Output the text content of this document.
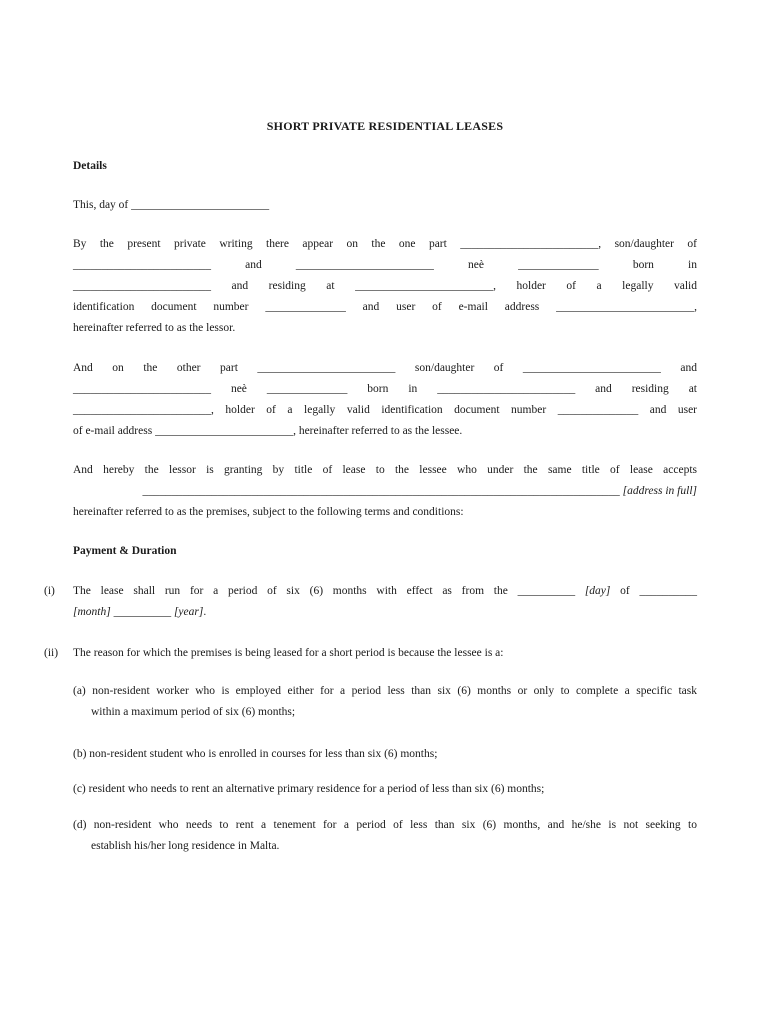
SHORT PRIVATE RESIDENTIAL LEASES
Details
This, day of ________________________
By the present private writing there appear on the one part ________________________, son/daughter of
________________________ and ________________________ neè ______________ born in
________________________ and residing at ________________________, holder of a legally valid
identification document number ______________ and user of e-mail address ________________________,
hereinafter referred to as the lessor.
And on the other part ________________________ son/daughter of ________________________ and
________________________ neè ______________ born in ________________________ and residing at
________________________, holder of a legally valid identification document number ______________ and user
of e-mail address ________________________, hereinafter referred to as the lessee.
And hereby the lessor is granting by title of lease to the lessee who under the same title of lease accepts
___________________________________________________________________________________ [address in full]
hereinafter referred to as the premises, subject to the following terms and conditions:
Payment & Duration
(i) The lease shall run for a period of six (6) months with effect as from the __________ [day] of __________
[month] __________ [year].
(ii) The reason for which the premises is being leased for a short period is because the lessee is a:
(a) non-resident worker who is employed either for a period less than six (6) months or only to complete a specific task
within a maximum period of six (6) months;
(b) non-resident student who is enrolled in courses for less than six (6) months;
(c) resident who needs to rent an alternative primary residence for a period of less than six (6) months;
(d) non-resident who needs to rent a tenement for a period of less than six (6) months, and he/she is not seeking to
establish his/her long residence in Malta.
